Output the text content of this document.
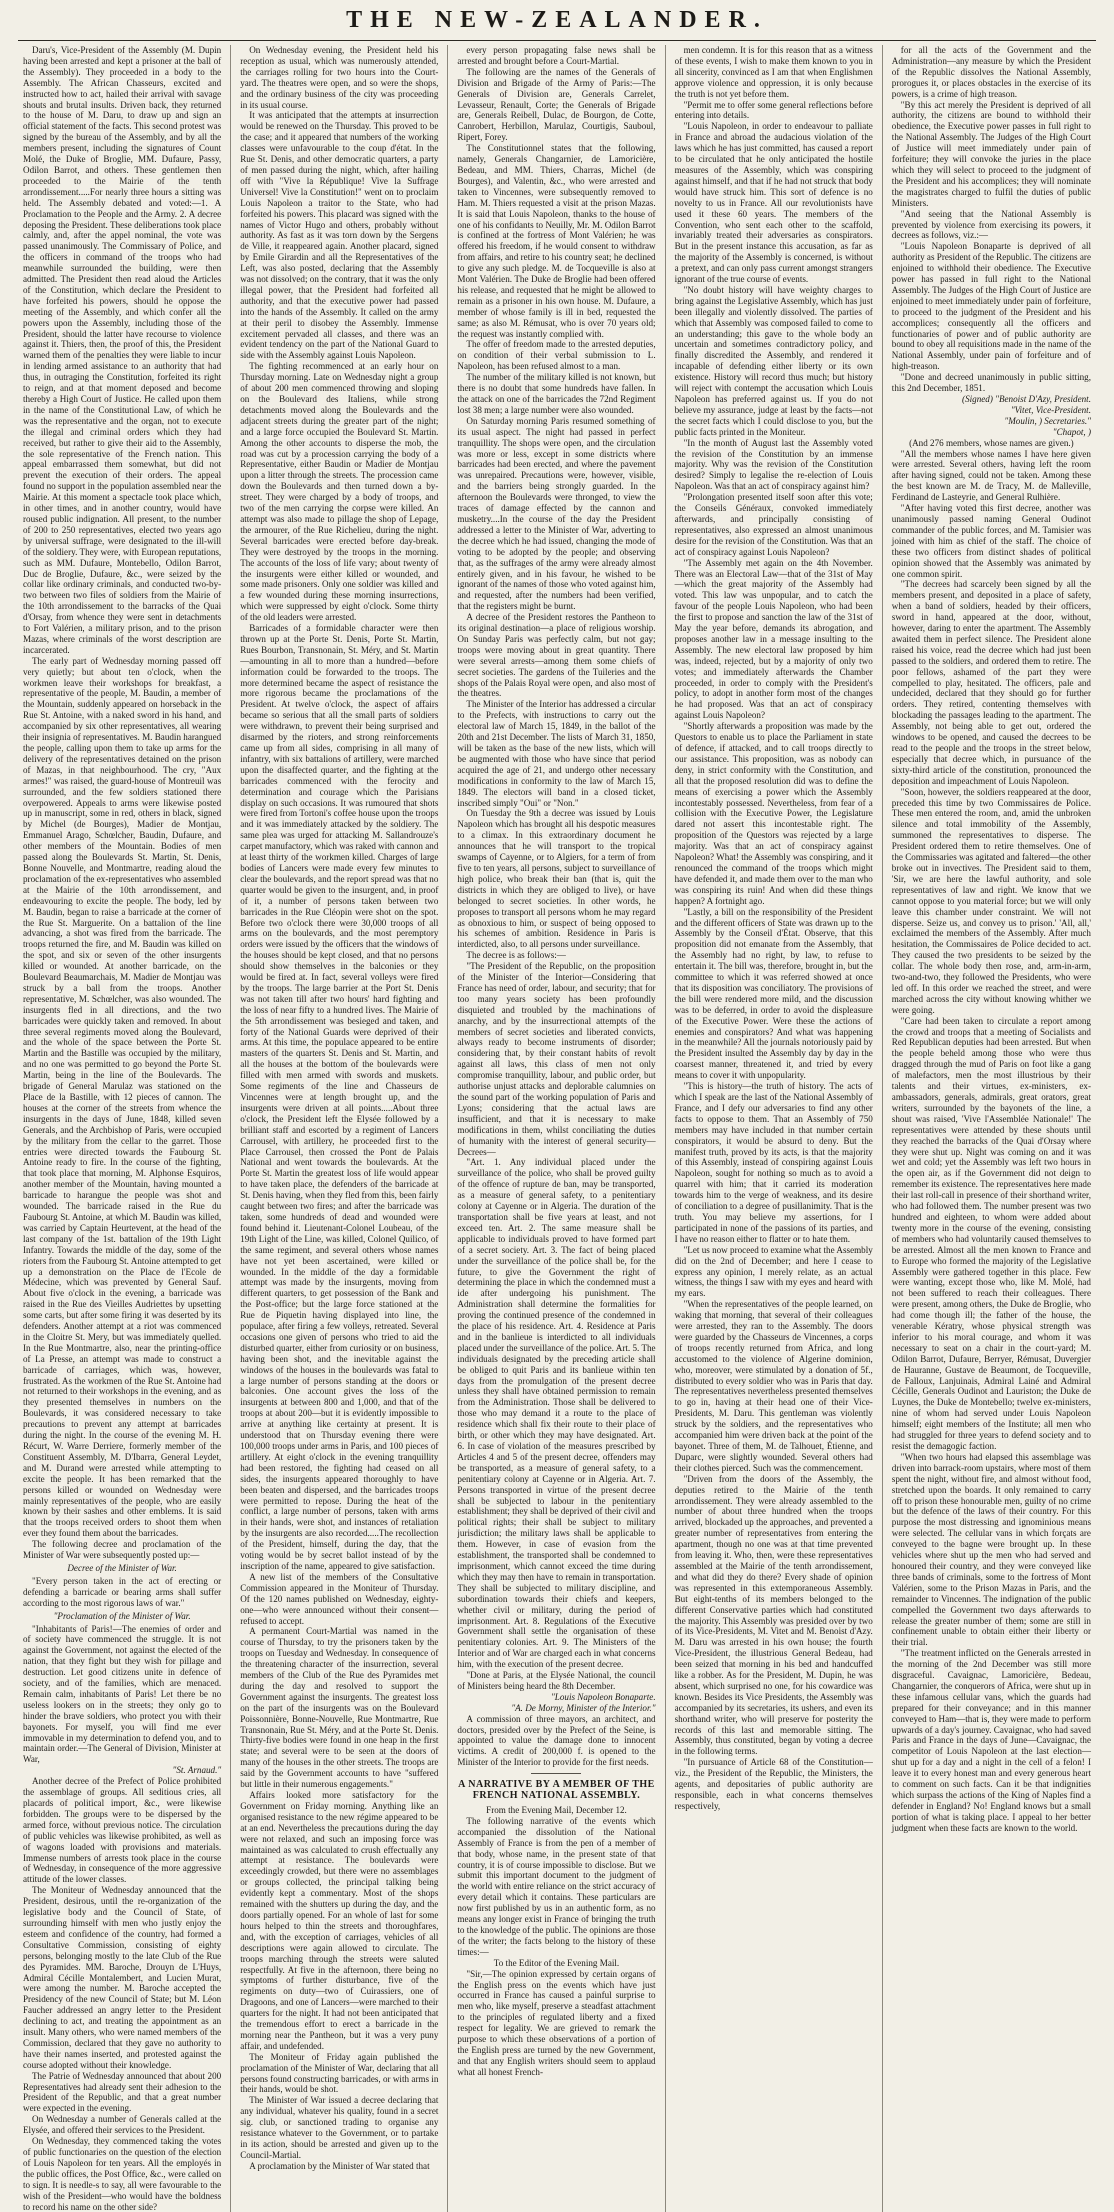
THE NEW-ZEALANDER.

Daru's, Vice-President of the Assembly (M. Dupin having been arrested and kept a prisoner at the ball of the Assembly). They proceeded in a body to the Assembly. The African Chasseurs, excited and instructed how to act, hailed their arrival with savage shouts and brutal insults. Driven back, they returned to the house of M. Daru, to draw up and sign an official statement of the facts. This second protest was signed by the bureau of the Assembly, and by all the members present, including the signatures of Count Molé, the Duke of Broglie, MM. Dufaure, Passy, Odilon Barrot, and others. These gentlemen then proceeded to the Mairie of the tenth arrondissement.....For nearly three hours a sitting was held. The Assembly debated and voted:—1. A Proclamation to the People and the Army. 2. A decree deposing the President. These deliberations took place calmly, and, after the appel nominal, the vote was passed unanimously. The Commissary of Police, and the officers in command of the troops who had meanwhile surrounded the building, were then admitted. The President then read aloud the Articles of the Constitution, which declare the President to have forfeited his powers, should he oppose the meeting of the Assembly, and which confer all the powers upon the Assembly, including those of the President, should the latter have recourse to violence against it. Thiers, then, the proof of this, the President warned them of the penalties they were liable to incur in lending armed assistance to an authority that had thus, in outraging the Constitution, forfeited its right to reign, and at that moment deposed and become thereby a High Court of Justice. He called upon them in the name of the Constitutional Law, of which he was the representative and the organ, not to execute the illegal and criminal orders which they had received, but rather to give their aid to the Assembly, the sole representative of the French nation. This appeal embarrassed them somewhat, but did not prevent the execution of their orders. The appeal found no support in the population assembled near the Mairie. At this moment a spectacle took place which, in other times, and in another country, would have roused public indignation. All present, to the number of 200 to 250 representatives, elected two years ago by universal suffrage, were designated to the ill-will of the soldiery. They were, with European reputations, such as MM. Dufaure, Montebello, Odilon Barrot, Duc de Broglie, Dufaure, &c., were seized by the collar like ordinary criminals, and conducted two-by-two between two files of soldiers from the Mairie of the 10th arrondissement to the barracks of the Quai d'Orsay, from whence they were sent in detachments to Fort Valérien, a military prison, and to the prison Mazas, where criminals of the worst description are incarcerated.

The early part of Wednesday morning passed off very quietly; but about ten o'clock, when the workmen leave their workshops for breakfast, a representative of the people, M. Baudin, a member of the Mountain, suddenly appeared on horseback in the Rue St. Antoine, with a naked sword in his hand, and accompanied by six other representatives, all wearing their insignia of representatives. M. Baudin harangued the people, calling upon them to take up arms for the delivery of the representatives detained on the prison of Mazas, in that neighbourhood. The cry, "Aux armes!" was raised, the guard-house of Montreuil was surrounded, and the few soldiers stationed there overpowered. Appeals to arms were likewise posted up in manuscript, some in red, others in black, signed by Michel (de Bourges), Madier de Montjau, Emmanuel Arago, Schœlcher, Baudin, Dufaure, and other members of the Mountain. Bodies of men passed along the Boulevards St. Martin, St. Denis, Bonne Nouvelle, and Montmartre, reading aloud the proclamation of the ex-representatives who assembled at the Mairie of the 10th arrondissement, and endeavouring to excite the people. The body, led by M. Baudin, began to raise a barricade at the corner of the Rue St. Marguerite. On a battalion of the line advancing, a shot was fired from the barricade. The troops returned the fire, and M. Baudin was killed on the spot, and six or seven of the other insurgents killed or wounded. At another barricade, on the Boulevard Beaumarchais, M. Madier de Montjau was struck by a ball from the troops. Another representative, M. Schœlcher, was also wounded. The insurgents fled in all directions, and the two barricades were quickly taken and removed. In about three several regiments moved along the Boulevard, and the whole of the space between the Porte St. Martin and the Bastille was occupied by the military, and no one was permitted to go beyond the Porte St. Martin, being in the line of the Boulevards. The brigade of General Marulaz was stationed on the Place de la Bastille, with 12 pieces of cannon. The houses at the corner of the streets from whence the insurgents in the days of June, 1848, killed seven Generals, and the Archbishop of Paris, were occupied by the military from the cellar to the garret. Those entries were directed towards the Faubourg St. Antoine ready to fire. In the course of the fighting, that took place that morning, M. Alphonse Esquiros, another member of the Mountain, having mounted a barricade to harangue the people was shot and wounded. The barricade raised in the Rue du Faubourg St. Antoine, at which M. Baudin was killed, was carried by Captain Heurtevent, at the head of the last company of the 1st. battalion of the 19th Light Infantry. Towards the middle of the day, some of the rioters from the Faubourg St. Antoine attempted to get up a demonstration on the Place de l'Ecole de Médecine, which was prevented by General Sauf. About five o'clock in the evening, a barricade was raised in the Rue des Vieilles Audriettes by upsetting some carts, but after some firing it was deserted by its defenders. Another attempt at a riot was commenced in the Cloitre St. Mery, but was immediately quelled. In the Rue Montmartre, also, near the printing-office of La Presse, an attempt was made to construct a barricade of carriages, which was, however, frustrated. As the workmen of the Rue St. Antoine had not returned to their workshops in the evening, and as they presented themselves in numbers on the Boulevards, it was considered necessary to take precautions to prevent any attempt at barricades during the night. In the course of the evening M. H. Récurt, W. Warre Derriere, formerly member of the Constituent Assembly, M. D'Ibarra, General Leydet, and M. Durand were arrested while attempting to excite the people. It has been remarked that the persons killed or wounded on Wednesday were mainly representatives of the people, who are easily known by their sashes and other emblems. It is said that the troops received orders to shoot them when ever they found them about the barricades.

The following decree and proclamation of the Minister of War were subsequently posted up:—

Decree of the Minister of War.

"Every person taken in the act of erecting or defending a barricade or bearing arms shall suffer according to the most rigorous laws of war."

"Proclamation of the Minister of War.

"Inhabitants of Paris!—The enemies of order and of society have commenced the struggle. It is not against the Government, not against the elected of the nation, that they fight but they wish for pillage and destruction. Let good citizens unite in defence of society, and of the families, which are menaced. Remain calm, inhabitants of Paris! Let there be no useless lookers on in the streets; they only go to hinder the brave soldiers, who protect you with their bayonets. For myself, you will find me ever immovable in my determination to defend you, and to maintain order.—The General of Division, Minister at War,

"St. Arnaud."

Another decree of the Prefect of Police prohibited the assemblage of groups. All seditious cries, all placards of political import, &c., were likewise forbidden. The groups were to be dispersed by the armed force, without previous notice. The circulation of public vehicles was likewise prohibited, as well as of wagons loaded with provisions and materials. Immense numbers of arrests took place in the course of Wednesday, in consequence of the more aggressive attitude of the lower classes.

The Moniteur of Wednesday announced that the President, desirous, until the re-organization of the legislative body and the Council of State, of surrounding himself with men who justly enjoy the esteem and confidence of the country, had formed a Consultative Commission, consisting of eighty persons, belonging mostly to the late Club of the Rue des Pyramides. MM. Baroche, Drouyn de L'Huys, Admiral Cécille Montalembert, and Lucien Murat, were among the number. M. Baroche accepted the Presidency of the new Council of State; but M. Léon Faucher addressed an angry letter to the President declining to act, and treating the appointment as an insult. Many others, who were named members of the Commission, declared that they gave no authority to have their names inserted, and protested against the course adopted without their knowledge.

The Patrie of Wednesday announced that about 200 Representatives had already sent their adhesion to the President of the Republic, and that a great number were expected in the evening.

On Wednesday a number of Generals called at the Elysée, and offered their services to the President.

On Wednesday, they commenced taking the votes of public functionaries on the question of the election of Louis Napoleon for ten years. All the employés in the public offices, the Post Office, &c., were called on to sign. It is needle-s to say, all were favourable to the wish of the President—who would have the boldness to record his name on the other side?

On Wednesday evening, the President held his reception as usual, which was numerously attended, the carriages rolling for two hours into the Court-yard. The theatres were open, and so were the shops, and the ordinary business of the city was proceeding in its usual course.

It was anticipated that the attempts at insurrection would be renewed on the Thursday. This proved to be the case; and it appeared that numbers of the working classes were unfavourable to the coup d'état. In the Rue St. Denis, and other democratic quarters, a party of men passed during the night, which, after hailing off with "Vive la République! Vive la Suffrage Universel! Vive la Constitution!" went on to proclaim Louis Napoleon a traitor to the State, who had forfeited his powers. This placard was signed with the names of Victor Hugo and others, probably without authority. As fast as it was torn down by the Sergens de Ville, it reappeared again. Another placard, signed by Emile Girardin and all the Representatives of the Left, was also posted, declaring that the Assembly was not dissolved; on the contrary, that it was the only illegal power, that the President had forfeited all authority, and that the executive power had passed into the hands of the Assembly. It called on the army at their peril to disobey the Assembly. Immense excitement pervaded all classes, and there was an evident tendency on the part of the National Guard to side with the Assembly against Louis Napoleon.

The fighting recommenced at an early hour on Thursday morning. Late on Wednesday night a group of about 200 men commenced throwing and sloping on the Boulevard des Italiens, while strong detachments moved along the Boulevards and the adjacent streets during the greater part of the night; and a large force occupied the Boulevard St. Martin. Among the other accounts to disperse the mob, the road was cut by a procession carrying the body of a Representative, either Baudin or Madier de Montjau upon a litter through the streets. The procession came down the Boulevards and then turned down a by-street. They were charged by a body of troops, and two of the men carrying the corpse were killed. An attempt was also made to pillage the shop of Lepage, the armourer, of the Rue Richelieu, during the night. Several barricades were erected before day-break. They were destroyed by the troops in the morning. The accounts of the loss of life vary; about twenty of the insurgents were either killed or wounded, and some made prisoners. Only one soldier was killed and a few wounded during these morning insurrections, which were suppressed by eight o'clock. Some thirty of the old leaders were arrested.

Barricades of a formidable character were then thrown up at the Porte St. Denis, Porte St. Martin, Rues Bourbon, Transnonain, St. Méry, and St. Martin—amounting in all to more than a hundred—before information could be forwarded to the troops. The more determined became the aspect of resistance the more rigorous became the proclamations of the President. At twelve o'clock, the aspect of affairs became so serious that all the small parts of soldiers were withdrawn, to prevent their being surprised and disarmed by the rioters, and strong reinforcements came up from all sides, comprising in all many of infantry, with six battalions of artillery, were marched upon the disaffected quarter, and the fighting at the barricades commenced with the ferocity and determination and courage which the Parisians display on such occasions. It was rumoured that shots were fired from Tortoni's coffee house upon the troops and it was immediately attacked by the soldiery. The same plea was urged for attacking M. Sallandrouze's carpet manufactory, which was raked with cannon and at least thirty of the workmen killed. Charges of large bodies of Lancers were made every few minutes to clear the boulevards, and the report spread was that no quarter would be given to the insurgent, and, in proof of it, a number of persons taken between two barricades in the Rue Cléopin were shot on the spot. Before two o'clock there were 30,000 troops of all arms on the boulevards, and the most peremptory orders were issued by the officers that the windows of the houses should be kept closed, and that no persons should show themselves in the balconies or they would be fired at. In fact, several volleys were fired by the troops. The large barrier at the Port St. Denis was not taken till after two hours' hard fighting and the loss of near fifty to a hundred lives. The Mairie of the 5th arrondissement was besieged and taken, and forty of the National Guards were deprived of their arms. At this time, the populace appeared to be entire masters of the quarters St. Denis and St. Martin, and all the houses at the bottom of the boulevards were filled with men armed with swords and muskets. Some regiments of the line and Chasseurs de Vincennes were at length brought up, and the insurgents were driven at all points.....About three o'clock, the President left the Elysée followed by a brilliant staff and escorted by a regiment of Lancers Carrousel, with artillery, he proceeded first to the Place Carrousel, then crossed the Pont de Palais National and went towards the boulevards. At the Porte St. Martin the greatest loss of life would appear to have taken place, the defenders of the barricade at St. Denis having, when they fled from this, been fairly caught between two fires; and after the barricade was taken, some hundreds of dead and wounded were found behind it. Lieutenant-Colonel Loubeau, of the 19th Light of the Line, was killed, Colonel Quilico, of the same regiment, and several others whose names have not yet been ascertained, were killed or wounded. In the middle of the day a formidable attempt was made by the insurgents, moving from different quarters, to get possession of the Bank and the Post-office; but the large force stationed at the Rue de Piquetin having displayed into line, the populace, after firing a few volleys, retreated. Several occasions one given of persons who tried to aid the disturbed quarter, either from curiosity or on business, having been shot, and the inevitable against the windows of the houses in the boulevards was fatal to a large number of persons standing at the doors or balconies. One account gives the loss of the insurgents at between 800 and 1,000, and that of the troops at about 200—but it is evidently impossible to arrive at anything like certainty at present. It is understood that on Thursday evening there were 100,000 troops under arms in Paris, and 100 pieces of artillery. At eight o'clock in the evening tranquillity had been restored, the fighting had ceased on all sides, the insurgents appeared thoroughly to have been beaten and dispersed, and the barricades troops were permitted to repose. During the heat of the conflict, a large number of persons, taken with arms in their hands, were shot, and instances of retaliation by the insurgents are also recorded.....The recollection of the President, himself, during the day, that the voting would be by secret ballot instead of by the inscription of the name, appeared to give satisfaction.

A new list of the members of the Consultative Commission appeared in the Moniteur of Thursday. Of the 120 names published on Wednesday, eighty-one—who were announced without their consent—refused to accept.

A permanent Court-Martial was named in the course of Thursday, to try the prisoners taken by the troops on Tuesday and Wednesday. In consequence of the threatening character of the insurrection, several members of the Club of the Rue des Pyramides met during the day and resolved to support the Government against the insurgents. The greatest loss on the part of the insurgents was on the Boulevard Poissonnière, Bonne-Nouvelle, Rue Montmartre, Rue Transnonain, Rue St. Méry, and at the Porte St. Denis. Thirty-five bodies were found in one heap in the first state; and several were to be seen at the doors of many of the houses in the other streets. The troops are said by the Government accounts to have "suffered but little in their numerous engagements."

Affairs looked more satisfactory for the Government on Friday morning. Anything like an organised resistance to the new régime appeared to be at an end. Nevertheless the precautions during the day were not relaxed, and such an imposing force was maintained as was calculated to crush effectually any attempt at resistance. The boulevards were exceedingly crowded, but there were no assemblages or groups collected, the principal talking being evidently kept a commentary. Most of the shops remained with the shutters up during the day, and the doors partially opened. For an whole of last for some hours helped to thin the streets and thoroughfares, and, with the exception of carriages, vehicles of all descriptions were again allowed to circulate. The troops marching through the streets were saluted respectfully. At five in the afternoon, there being no symptoms of further disturbance, five of the regiments on duty—two of Cuirassiers, one of Dragoons, and one of Lancers—were marched to their quarters for the night. It had not been anticipated that the tremendous effort to erect a barricade in the morning near the Pantheon, but it was a very puny affair, and undefended.

The Moniteur of Friday again published the proclamation of the Minister of War, declaring that all persons found constructing barricades, or with arms in their hands, would be shot.

The Minister of War issued a decree declaring that any individual, whatever his quality, found in a secret sig. club, or sanctioned trading to organise any resistance whatever to the Government, or to partake in its action, should be arrested and given up to the Council-Martial.

A proclamation by the Minister of War stated that

every person propagating false news shall be arrested and brought before a Court-Martial.

The following are the names of the Generals of Division and Brigade of the Army of Paris:—The Generals of Division are, Generals Carrelet, Levasseur, Renault, Corte; the Generals of Brigade are, Generals Reibell, Dulac, de Bourgon, de Cotte, Canrobert, Herbillon, Marulaz, Courtigis, Sauboul, Ripert, Forey.

The Constitutionnel states that the following, namely, Generals Changarnier, de Lamoricière, Bedeau, and MM. Thiers, Charras, Michel (de Bourges), and Valentin, &c., who were arrested and taken to Vincennes, were subsequently removed to Ham. M. Thiers requested a visit at the prison Mazas. It is said that Louis Napoleon, thanks to the house of one of his confidants to Neuilly, Mr. M. Odilon Barrot is confined at the fortress of Mont Valérien; he was offered his freedom, if he would consent to withdraw from affairs, and retire to his country seat; he declined to give any such pledge. M. de Tocqueville is also at Mont Valérien. The Duke de Broglie had been offered his release, and requested that he might be allowed to remain as a prisoner in his own house. M. Dufaure, a member of whose family is ill in bed, requested the same; as also M. Rémusat, who is over 70 years old; the request was instantly complied with.

The offer of freedom made to the arrested deputies, on condition of their verbal submission to L. Napoleon, has been refused almost to a man.

The number of the military killed is not known, but there is no doubt that some hundreds have fallen. In the attack on one of the barricades the 72nd Regiment lost 38 men; a large number were also wounded.

On Saturday morning Paris resumed something of its usual aspect. The night had passed in perfect tranquillity. The shops were open, and the circulation was more or less, except in some districts where barricades had been erected, and where the pavement was unrepaired. Precautions were, however, visible, and the barriers being strongly guarded. In the afternoon the Boulevards were thronged, to view the traces of damage effected by the cannon and musketry....In the course of the day the President addressed a letter to the Minister of War, adverting to the decree which he had issued, changing the mode of voting to be adopted by the people; and observing that, as the suffrages of the army were already almost entirely given, and in his favour, he wished to be ignorant of the names of those who voted against him, and requested, after the numbers had been verified, that the registers might be burnt.

A decree of the President restores the Pantheon to its original destination—a place of religious worship. On Sunday Paris was perfectly calm, but not gay; troops were moving about in great quantity. There were several arrests—among them some chiefs of secret societies. The gardens of the Tuileries and the shops of the Palais Royal were open, and also most of the theatres.

The Minister of the Interior has addressed a circular to the Prefects, with instructions to carry out the electoral law of March 15, 1849, in the ballot of the 20th and 21st December. The lists of March 31, 1850, will be taken as the base of the new lists, which will be augmented with those who have since that period acquired the age of 21, and undergo other necessary modifications in conformity to the law of March 15, 1849. The electors will band in a closed ticket, inscribed simply "Oui" or "Non."

On Tuesday the 9th a decree was issued by Louis Napoleon which has brought all his despotic measures to a climax. In this extraordinary document he announces that he will transport to the tropical swamps of Cayenne, or to Algiers, for a term of from five to ten years, all persons, subject to surveillance of high police, who break their ban (that is, quit the districts in which they are obliged to live), or have belonged to secret societies. In other words, he proposes to transport all persons whom he may regard as obnoxious to him, or suspect of being opposed to his schemes of ambition. Residence in Paris is interdicted, also, to all persons under surveillance.

The decree is as follows:—

"The President of the Republic, on the proposition of the Minister of the Interior—Considering that France has need of order, labour, and security; that for too many years society has been profoundly disquieted and troubled by the machinations of anarchy, and by the insurrectional attempts of the members of secret societies and liberated convicts, always ready to become instruments of disorder; considering that, by their constant habits of revolt against all laws, this class of men not only compromise tranquillity, labour, and public order, but authorise unjust attacks and deplorable calumnies on the sound part of the working population of Paris and Lyons; considering that the actual laws are insufficient, and that it is necessary to make modifications in them, whilst conciliating the duties of humanity with the interest of general security—Decrees—

"Art. 1. Any individual placed under the surveillance of the police, who shall be proved guilty of the offence of rupture de ban, may be transported, as a measure of general safety, to a penitentiary colony at Cayenne or in Algeria. The duration of the transportation shall be five years at least, and not exceed ten. Art. 2. The same measure shall be applicable to individuals proved to have formed part of a secret society. Art. 3. The fact of being placed under the surveillance of the police shall be, for the future, to give the Government the right of determining the place in which the condemned must a ide after undergoing his punishment. The Administration shall determine the formalities for proving the continued presence of the condemned in the place of his residence. Art. 4. Residence at Paris and in the banlieue is interdicted to all individuals placed under the surveillance of the police. Art. 5. The individuals designated by the preceding article shall be obliged to quit Paris and its banlieue within ten days from the promulgation of the present decree unless they shall have obtained permission to remain from the Administration. Those shall be delivered to those who may demand it a route to the place of residence which shall fix their route to their place of birth, or other which they may have designated. Art. 6. In case of violation of the measures prescribed by Articles 4 and 5 of the present decree, offenders may be transported, as a measure of general safety, to a penitentiary colony at Cayenne or in Algeria. Art. 7. Persons transported in virtue of the present decree shall be subjected to labour in the penitentiary establishment; they shall be deprived of their civil and political rights; their shall be subject to military jurisdiction; the military laws shall be applicable to them. However, in case of evasion from the establishment, the transported shall be condemned to imprisonment, which cannot exceed the time during which they may then have to remain in transportation. They shall be subjected to military discipline, and subordination towards their chiefs and keepers, whether civil or military, during the period of imprisonment. Art. 8. Regulations of the Executive Government shall settle the organisation of these penitentiary colonies. Art. 9. The Ministers of the Interior and of War are charged each in what concerns him, with the execution of the present decree.

"Done at Paris, at the Elysée National, the council of Ministers being heard the 8th December.

"Louis Napoleon Bonaparte.

"A. De Morny, Minister of the Interior."

A commission of three mayors, an architect, and doctors, presided over by the Prefect of the Seine, is appointed to value the damage done to innocent victims. A credit of 200,000 f. is opened to the Minister of the Interior to provide for the first needs.

A NARRATIVE BY A MEMBER OF THE FRENCH NATIONAL ASSEMBLY.

From the Evening Mail, December 12.

The following narrative of the events which accompanied the dissolution of the National Assembly of France is from the pen of a member of that body, whose name, in the present state of that country, it is of course impossible to disclose. But we submit this important document to the judgment of the world with entire reliance on the strict accuracy of every detail which it contains. These particulars are now first published by us in an authentic form, as no means any longer exist in France of bringing the truth to the knowledge of the public. The opinions are those of the writer; the facts belong to the history of these times:—

To the Editor of the Evening Mail.

"Sir,—The opinion expressed by certain organs of the English press on the events which have just occurred in France has caused a painful surprise to men who, like myself, preserve a steadfast attachment to the principles of regulated liberty and a fixed respect for legality. We are grieved to remark the purpose to which these observations of a portion of the English press are turned by the new Government, and that any English writers should seem to applaud what all honest French-

men condemn. It is for this reason that as a witness of these events, I wish to make them known to you in all sincerity, convinced as I am that when Englishmen approve violence and oppression, it is only because the truth is not yet before them.

"Permit me to offer some general reflections before entering into details.

"Louis Napoleon, in order to endeavour to palliate in France and abroad the audacious violation of the laws which he has just committed, has caused a report to be circulated that he only anticipated the hostile measures of the Assembly, which was conspiring against himself, and that if he had not struck that body would have struck him. This sort of defence is no novelty to us in France. All our revolutionists have used it these 60 years. The members of the Convention, who sent each other to the scaffold, invariably treated their adversaries as conspirators. But in the present instance this accusation, as far as the majority of the Assembly is concerned, is without a pretext, and can only pass current amongst strangers ignorant of the true course of events.

"No doubt history will have weighty charges to bring against the Legislative Assembly, which has just been illegally and violently dissolved. The parties of which that Assembly was composed failed to come to an understanding; this gave to the whole body an uncertain and sometimes contradictory policy, and finally discredited the Assembly, and rendered it incapable of defending either liberty or its own existence. History will record thus much; but history will reject with contempt the accusation which Louis Napoleon has preferred against us. If you do not believe my assurance, judge at least by the facts—not the secret facts which I could disclose to you, but the public facts printed in the Moniteur.

"In the month of August last the Assembly voted the revision of the Constitution by an immense majority. Why was the revision of the Constitution desired? Simply to legalise the re-election of Louis Napoleon. Was that an act of conspiracy against him?

"Prolongation presented itself soon after this vote; the Conseils Généraux, convoked immediately afterwards, and principally consisting of representatives, also expressed an almost unanimous desire for the revision of the Constitution. Was that an act of conspiracy against Louis Napoleon?

"The Assembly met again on the 4th November. There was an Electoral Law—that of the 31st of May—which the great majority of the Assembly had voted. This law was unpopular, and to catch the favour of the people Louis Napoleon, who had been the first to propose and sanction the law of the 31st of May the year before, demands its abrogation, and proposes another law in a message insulting to the Assembly. The new electoral law proposed by him was, indeed, rejected, but by a majority of only two votes; and immediately afterwards the Chamber proceeded, in order to comply with the President's policy, to adopt in another form most of the changes he had proposed. Was that an act of conspiracy against Louis Napoleon?

"Shortly afterwards a proposition was made by the Questors to enable us to place the Parliament in state of defence, if attacked, and to call troops directly to our assistance. This proposition, was as nobody can deny, in strict conformity with the Constitution, and all that the proposed resolution did was to define the means of exercising a power which the Assembly incontestably possessed. Nevertheless, from fear of a collision with the Executive Power, the Legislature dared not assert this incontestable right. The proposition of the Questors was rejected by a large majority. Was that an act of conspiracy against Napoleon? What! the Assembly was conspiring, and it renounced the command of the troops which might have defended it, and made them over to the man who was conspiring its ruin! And when did these things happen? A fortnight ago.

"Lastly, a bill on the responsibility of the President and the different officers of State was drawn up to the Assembly by the Conseil d'État. Observe, that this proposition did not emanate from the Assembly, that the Assembly had no right, by law, to refuse to entertain it. The bill was, therefore, brought in, but the committee to which it was referred showed at once that its disposition was conciliatory. The provisions of the bill were rendered more mild, and the discussion was to be deferred, in order to avoid the displeasure of the Executive Power. Were these the actions of enemies and conspirators? And what was happening in the meanwhile? All the journals notoriously paid by the President insulted the Assembly day by day in the coarsest manner, threatened it, and tried by every means to cover it with unpopularity.

"This is history—the truth of history. The acts of which I speak are the last of the National Assembly of France, and I defy our adversaries to find any other facts to oppose to them. That an Assembly of 750 members may have included in that number certain conspirators, it would be absurd to deny. But the manifest truth, proved by its acts, is that the majority of this Assembly, instead of conspiring against Louis Napoleon, sought for nothing so much as to avoid a quarrel with him; that it carried its moderation towards him to the verge of weakness, and its desire of conciliation to a degree of pusillanimity. That is the truth. You may believe my assertions, for I participated in none of the passions of its parties, and I have no reason either to flatter or to hate them.

"Let us now proceed to examine what the Assembly did on the 2nd of December; and here I cease to express any opinion, I merely relate, as an actual witness, the things I saw with my eyes and heard with my ears.

"When the representatives of the people learned, on waking that morning, that several of their colleagues were arrested, they ran to the Assembly. The doors were guarded by the Chasseurs de Vincennes, a corps of troops recently returned from Africa, and long accustomed to the violence of Algerine dominion, who, moreover, were stimulated by a donation of 5f., distributed to every soldier who was in Paris that day. The representatives nevertheless presented themselves to go in, having at their head one of their Vice-Presidents, M. Daru. This gentleman was violently struck by the soldiers, and the representatives who accompanied him were driven back at the point of the bayonet. Three of them, M. de Talhouet, Étienne, and Duparc, were slightly wounded. Several others had their clothes pierced. Such was the commencement.

"Driven from the doors of the Assembly, the deputies retired to the Mairie of the tenth arrondissement. They were already assembled to the number of about three hundred when the troops arrived, blockaded up the approaches, and prevented a greater number of representatives from entering the apartment, though no one was at that time prevented from leaving it. Who, then, were these representatives assembled at the Mairie of the tenth arrondissement, and what did they do there? Every shade of opinion was represented in this extemporaneous Assembly. But eight-tenths of its members belonged to the different Conservative parties which had constituted the majority. This Assembly was presided over by two of its Vice-Presidents, M. Vitet and M. Benoist d'Azy. M. Daru was arrested in his own house; the fourth Vice-President, the illustrious General Bedeau, had been seized that morning in his bed and handcuffed like a robber. As for the President, M. Dupin, he was absent, which surprised no one, for his cowardice was known. Besides its Vice Presidents, the Assembly was accompanied by its secretaries, its ushers, and even its shorthand writer, who will preserve for posterity the records of this last and memorable sitting. The Assembly, thus constituted, began by voting a decree in the following terms.

"In pursuance of Article 68 of the Constitution—viz., the President of the Republic, the Ministers, the agents, and depositaries of public authority are responsible, each in what concerns themselves respectively,

for all the acts of the Government and the Administration—any measure by which the President of the Republic dissolves the National Assembly, prorogues it, or places obstacles in the exercise of its powers, is a crime of high treason.

"By this act merely the President is deprived of all authority, the citizens are bound to withhold their obedience, the Executive power passes in full right to the National Assembly. The Judges of the High Court of Justice will meet immediately under pain of forfeiture; they will convoke the juries in the place which they will select to proceed to the judgment of the President and his accomplices; they will nominate the magistrates charged to fulfil the duties of public Ministers.

"And seeing that the National Assembly is prevented by violence from exercising its powers, it decrees as follows, viz.:—

"Louis Napoleon Bonaparte is deprived of all authority as President of the Republic. The citizens are enjoined to withhold their obedience. The Executive power has passed in full right to the National Assembly. The Judges of the High Court of Justice are enjoined to meet immediately under pain of forfeiture, to proceed to the judgment of the President and his accomplices; consequently all the officers and functionaries of power and of public authority are bound to obey all requisitions made in the name of the National Assembly, under pain of forfeiture and of high-treason.

"Done and decreed unanimously in public sitting, this 2nd December, 1851.

(Signed) "Benoist D'Azy, President.

"Vitet, Vice-President.

"Moulin, ) Secretaries."

"Chapot, )

(And 276 members, whose names are given.)

"All the members whose names I have here given were arrested. Several others, having left the room after having signed, could not be taken. Among these the best known are M. de Tracy, M. de Malleville, Ferdinand de Lasteyrie, and General Rulhière.

"After having voted this first decree, another was unanimously passed naming General Oudinot commander of the public forces, and M. Tamisier was joined with him as chief of the staff. The choice of these two officers from distinct shades of political opinion showed that the Assembly was animated by one common spirit.

"The decrees had scarcely been signed by all the members present, and deposited in a place of safety, when a band of soldiers, headed by their officers, sword in hand, appeared at the door, without, however, daring to enter the apartment. The Assembly awaited them in perfect silence. The President alone raised his voice, read the decree which had just been passed to the soldiers, and ordered them to retire. The poor fellows, ashamed of the part they were compelled to play, hesitated. The officers, pale and undecided, declared that they should go for further orders. They retired, contenting themselves with blockading the passages leading to the apartment. The Assembly, not being able to get out, ordered the windows to be opened, and caused the decrees to be read to the people and the troops in the street below, especially that decree which, in pursuance of the sixty-third article of the constitution, pronounced the deposition and impeachment of Louis Napoleon.

"Soon, however, the soldiers reappeared at the door, preceded this time by two Commissaires de Police. These men entered the room, and, amid the unbroken silence and total immobility of the Assembly, summoned the representatives to disperse. The President ordered them to retire themselves. One of the Commissaries was agitated and faltered—the other broke out in invectives. The President said to them, 'Sir, we are here the lawful authority, and sole representatives of law and right. We know that we cannot oppose to you material force; but we will only leave this chamber under constraint. We will not disperse. Seize us, and convey us to prison.' 'All, all,' exclaimed the members of the Assembly. After much hesitation, the Commissaires de Police decided to act. They caused the two presidents to be seized by the collar. The whole body then rose, and, arm-in-arm, two-and-two, they followed the Presidents, who were led off. In this order we reached the street, and were marched across the city without knowing whither we were going.

"Care had been taken to circulate a report among the crowd and troops that a meeting of Socialists and Red Republican deputies had been arrested. But when the people beheld among those who were thus dragged through the mud of Paris on foot like a gang of malefactors, men the most illustrious by their talents and their virtues, ex-ministers, ex-ambassadors, generals, admirals, great orators, great writers, surrounded by the bayonets of the line, a shout was raised, 'Vive l'Assemblée Nationale!' The representatives were attended by these shouts until they reached the barracks of the Quai d'Orsay where they were shut up. Night was coming on and it was wet and cold; yet the Assembly was left two hours in the open air, as if the Government did not deign to remember its existence. The representatives here made their last roll-call in presence of their shorthand writer, who had followed them. The number present was two hundred and eighteen, to whom were added about twenty more in the course of the evening, consisting of members who had voluntarily caused themselves to be arrested. Almost all the men known to France and to Europe who formed the majority of the Legislative Assembly were gathered together in this place. Few were wanting, except those who, like M. Molé, had not been suffered to reach their colleagues. There were present, among others, the Duke de Broglie, who had come though ill; the father of the house, the venerable Kératry, whose physical strength was inferior to his moral courage, and whom it was necessary to seat on a chair in the court-yard; M. Odilon Barrot, Dufaure, Berryer, Rémusat, Duvergier de Hauranne, Gustave de Beaumont, de Tocqueville, de Falloux, Lanjuinais, Admiral Lainé and Admiral Cécille, Generals Oudinot and Lauriston; the Duke de Luynes, the Duke de Montebello; twelve ex-ministers, nine of whom had served under Louis Napoleon himself; eight members of the Institute; all men who had struggled for three years to defend society and to resist the demagogic faction.

"When two hours had elapsed this assemblage was driven into barrack-room upstairs, where most of them spent the night, without fire, and almost without food, stretched upon the boards. It only remained to carry off to prison these honourable men, guilty of no crime but the defence of the laws of their country. For this purpose the most distressing and ignominious means were selected. The cellular vans in which forçats are conveyed to the bagne were brought up. In these vehicles where shut up the men who had served and honoured their country, and they were conveyed like three bands of criminals, some to the fortress of Mont Valérien, some to the Prison Mazas in Paris, and the remainder to Vincennes. The indignation of the public compelled the Government two days afterwards to release the greater number of them; some are still in confinement unable to obtain either their liberty or their trial.

"The treatment inflicted on the Generals arrested in the morning of the 2nd December was still more disgraceful. Cavaignac, Lamoricière, Bedeau, Changarnier, the conquerors of Africa, were shut up in these infamous cellular vans, which the guards had prepared for their conveyance; and in this manner conveyed to Ham—that is, they were made to perform upwards of a day's journey. Cavaignac, who had saved Paris and France in the days of June—Cavaignac, the competitor of Louis Napoleon at the last election—shut up for a day and a night in the cell of a felon! I leave it to every honest man and every generous heart to comment on such facts. Can it be that indignities which surpass the actions of the King of Naples find a defender in England? No! England knows but a small portion of what is taking place. I appeal to her better judgment when these facts are known to the world.
